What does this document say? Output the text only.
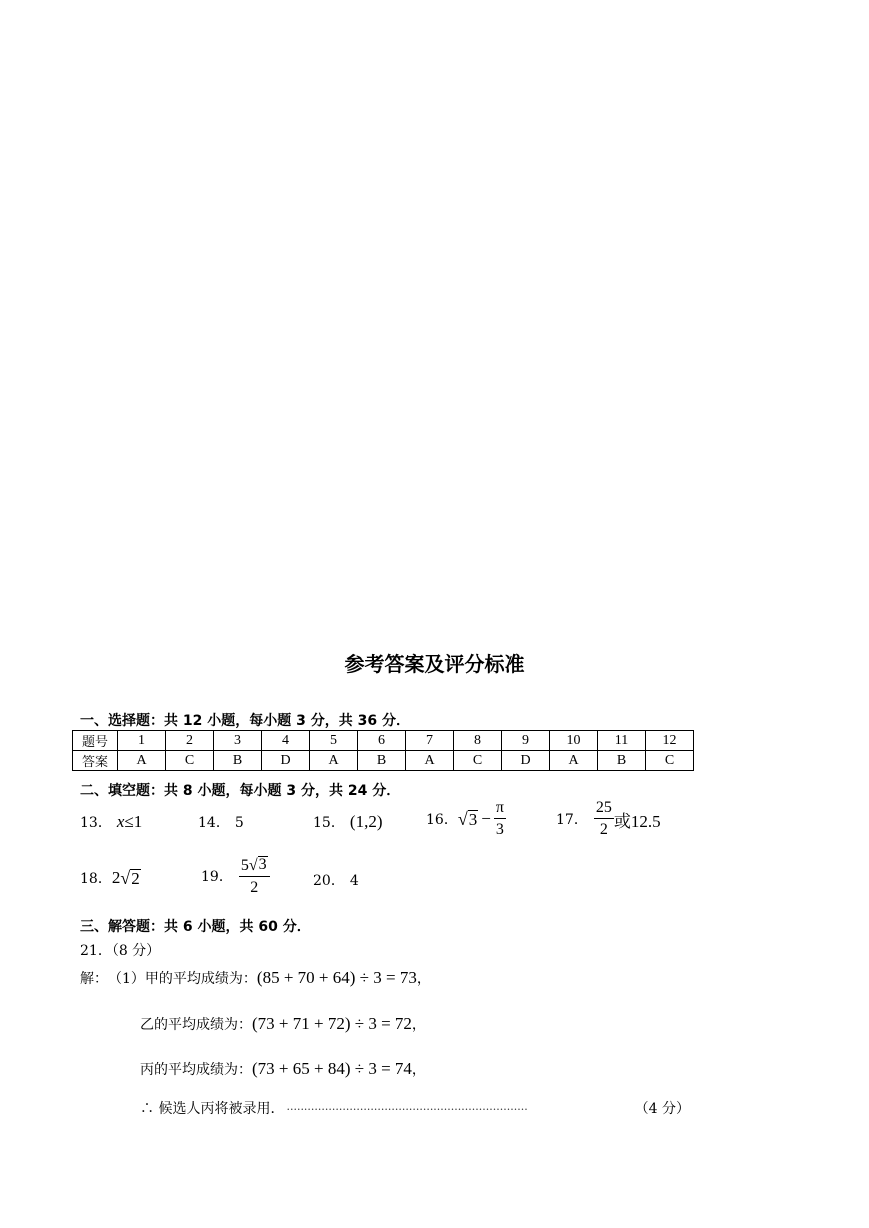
参考答案及评分标准
一、选择题：共 12 小题，每小题 3 分，共 36 分．
题号	1	2	3	4	5	6	7	8	9	10	11	12
答案	A	C	B	D	A	B	A	C	D	A	B	C
二、填空题：共 8 小题，每小题 3 分，共 24 分．
13． x≤1	14． 5	15． (1,2)	16． √ $3 - \frac{\pi}{3}$	17． $\frac{25}{2}$ 或12.5
18． 2 √ 2	19． $\frac{5 √ 3}{2}$	20． 4
三、解答题：共 6 小题，共 60 分．
21．（8 分）
解： （1）甲的平均成绩为： (85 + 70 + 64) ÷ 3 = 73 ，
乙的平均成绩为： (73 + 71 + 72) ÷ 3 = 72 ，
丙的平均成绩为： (73 + 65 + 84) ÷ 3 = 74 ，
∴ 候选人丙将被录用． ·····································································	（4 分）
